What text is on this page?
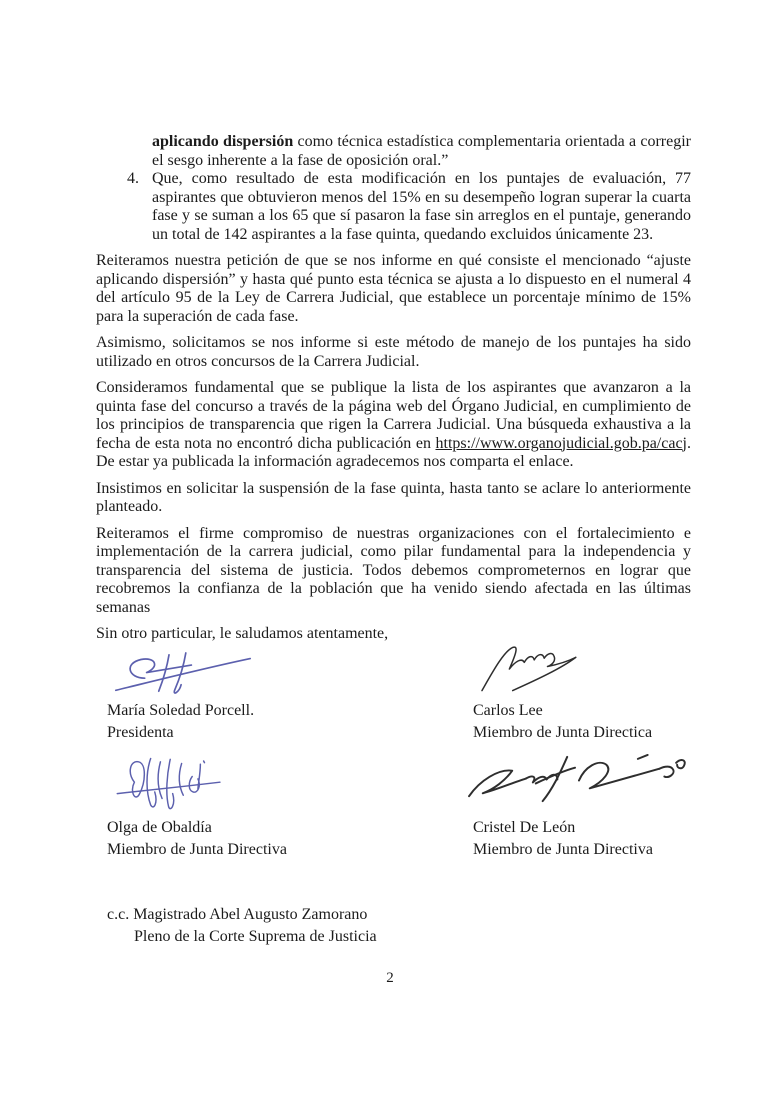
aplicando dispersión como técnica estadística complementaria orientada a corregir el sesgo inherente a la fase de oposición oral.”

4. Que, como resultado de esta modificación en los puntajes de evaluación, 77 aspirantes que obtuvieron menos del 15% en su desempeño logran superar la cuarta fase y se suman a los 65 que sí pasaron la fase sin arreglos en el puntaje, generando un total de 142 aspirantes a la fase quinta, quedando excluidos únicamente 23.

Reiteramos nuestra petición de que se nos informe en qué consiste el mencionado “ajuste aplicando dispersión” y hasta qué punto esta técnica se ajusta a lo dispuesto en el numeral 4 del artículo 95 de la Ley de Carrera Judicial, que establece un porcentaje mínimo de 15% para la superación de cada fase.

Asimismo, solicitamos se nos informe si este método de manejo de los puntajes ha sido utilizado en otros concursos de la Carrera Judicial.

Consideramos fundamental que se publique la lista de los aspirantes que avanzaron a la quinta fase del concurso a través de la página web del Órgano Judicial, en cumplimiento de los principios de transparencia que rigen la Carrera Judicial. Una búsqueda exhaustiva a la fecha de esta nota no encontró dicha publicación en https://www.organojudicial.gob.pa/cacj. De estar ya publicada la información agradecemos nos comparta el enlace.

Insistimos en solicitar la suspensión de la fase quinta, hasta tanto se aclare lo anteriormente planteado.

Reiteramos el firme compromiso de nuestras organizaciones con el fortalecimiento e implementación de la carrera judicial, como pilar fundamental para la independencia y transparencia del sistema de justicia. Todos debemos comprometernos en lograr que recobremos la confianza de la población que ha venido siendo afectada en las últimas semanas

Sin otro particular, le saludamos atentamente,

María Soledad Porcell.
Presidenta
Carlos Lee
Miembro de Junta Directica
Olga de Obaldía
Miembro de Junta Directiva
Cristel De León
Miembro de Junta Directiva
c.c. Magistrado Abel Augusto Zamorano
Pleno de la Corte Suprema de Justicia
2
